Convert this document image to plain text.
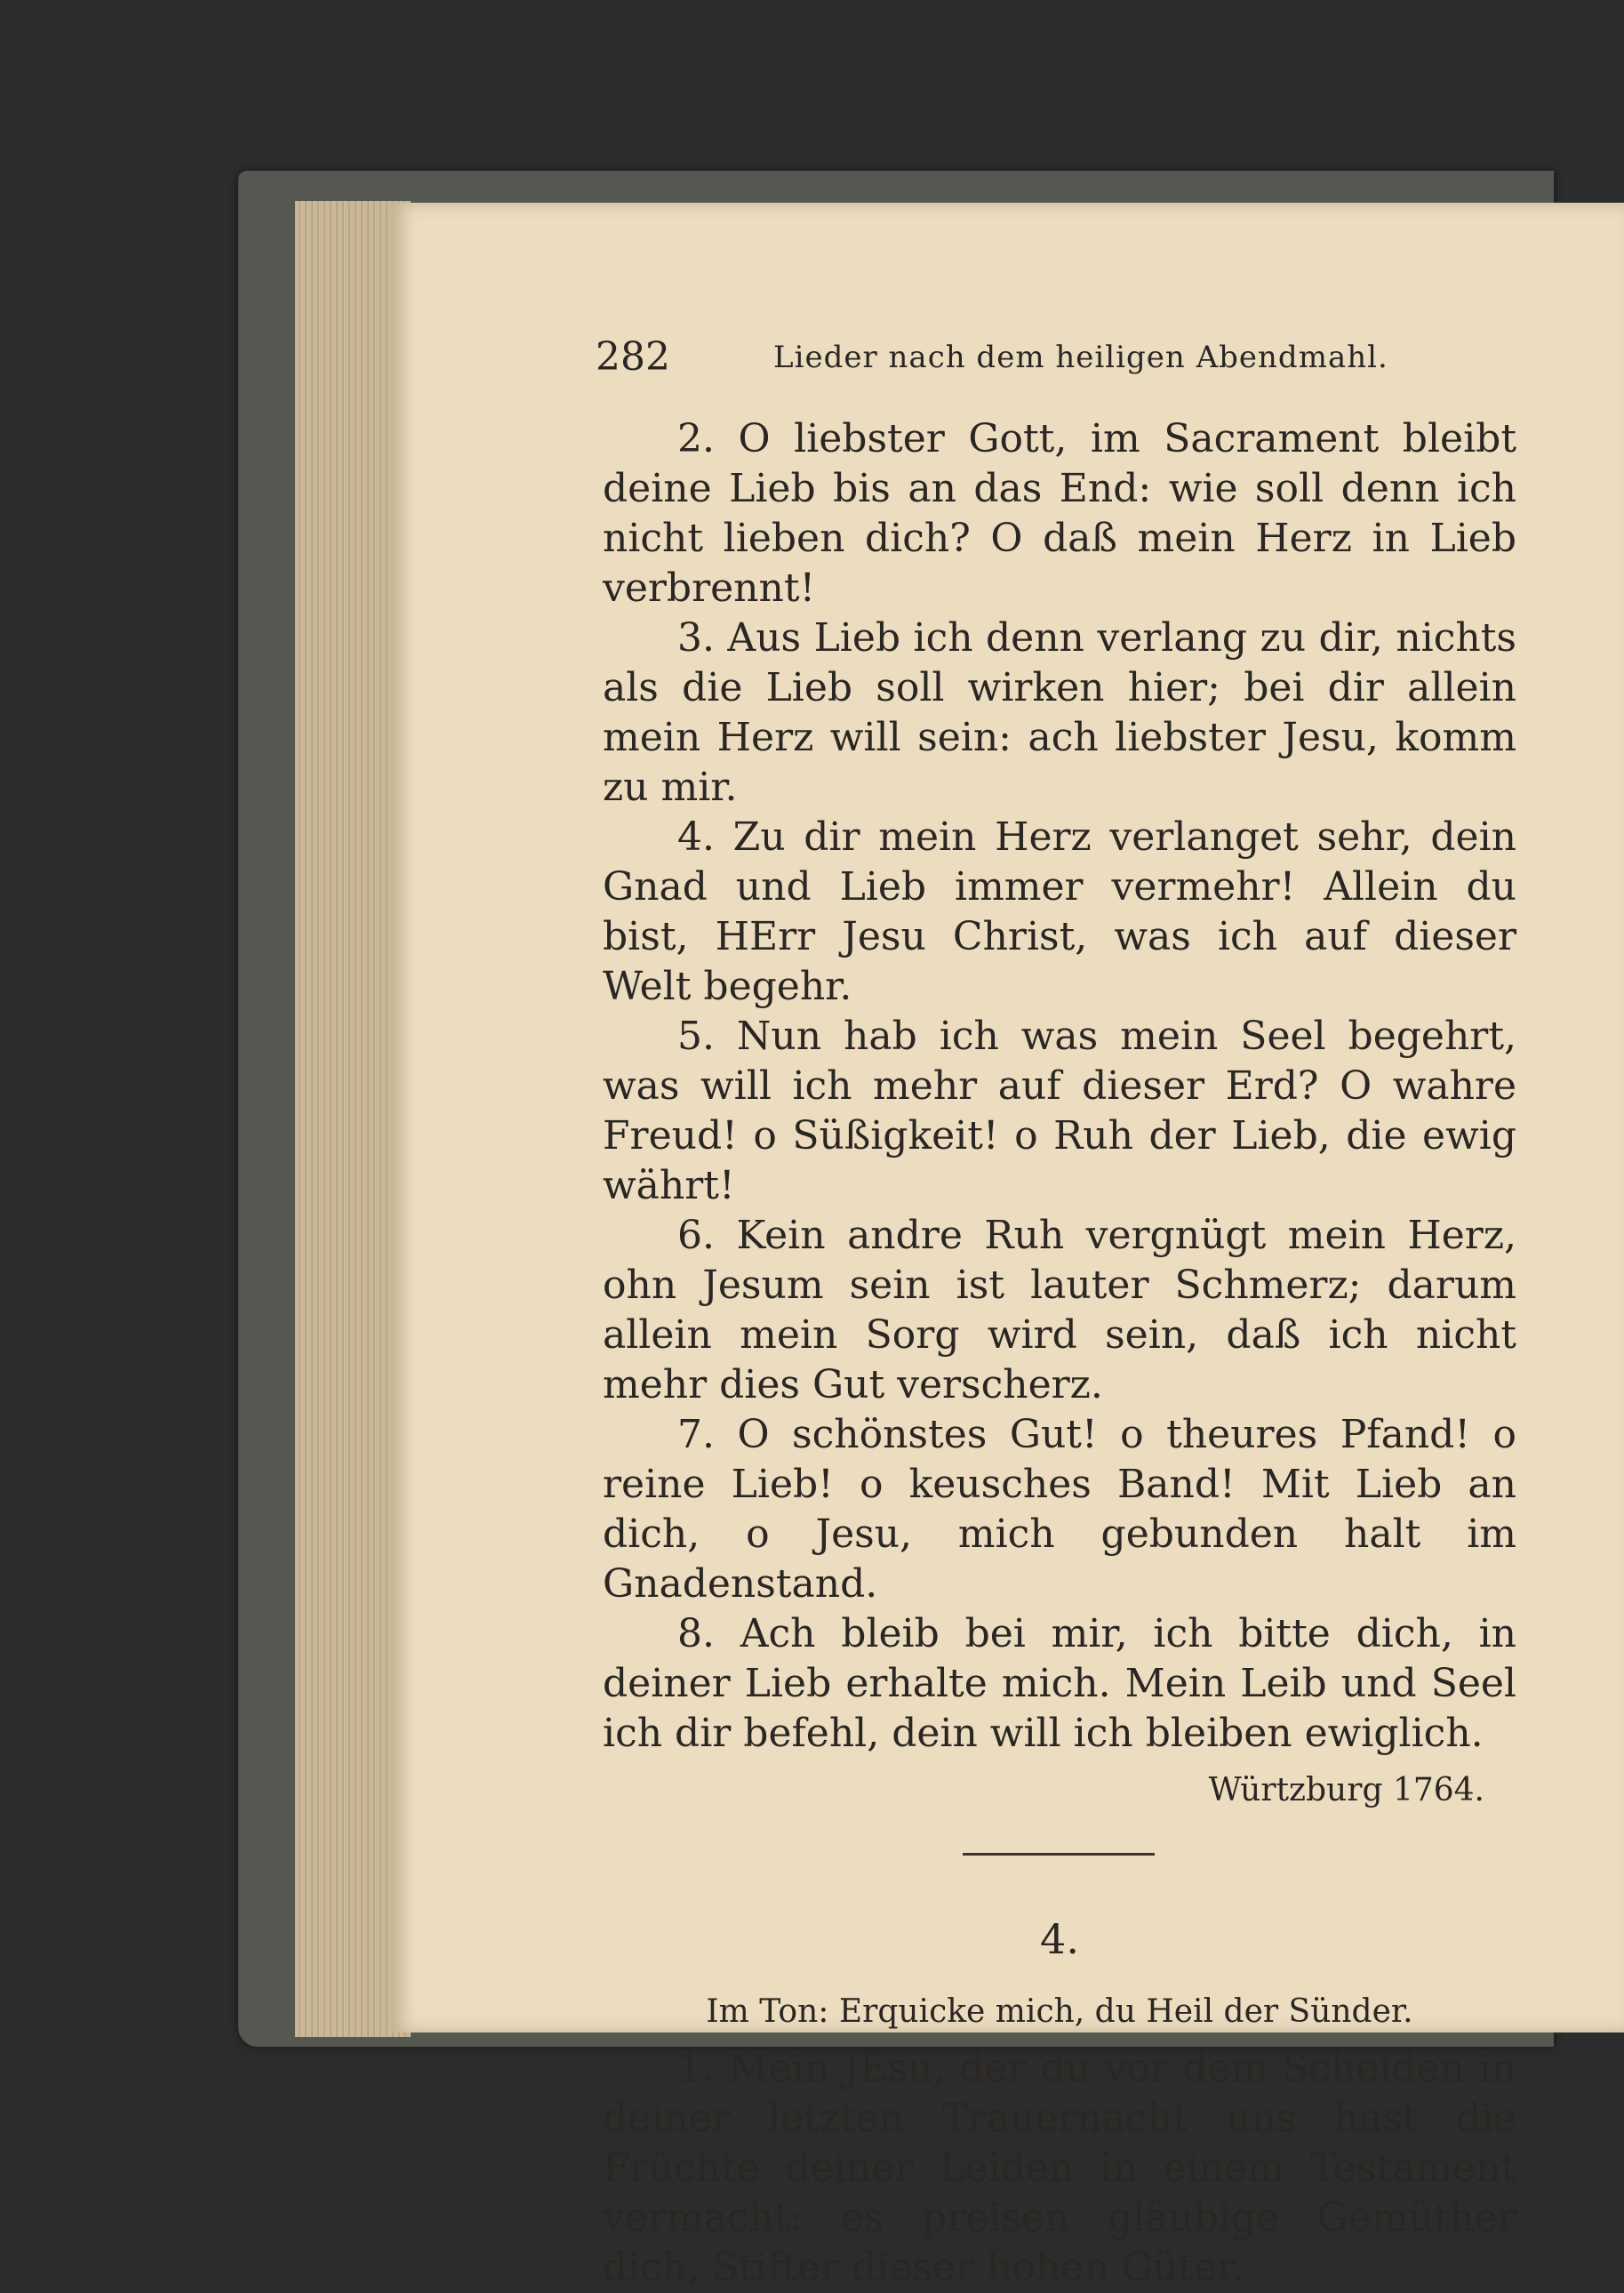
282	Lieder nach dem heiligen Abendmahl.

2. O liebster Gott, im Sacrament bleibt deine Lieb bis an das End: wie soll denn ich nicht lieben dich? O daß mein Herz in Lieb verbrennt!

3. Aus Lieb ich denn verlang zu dir, nichts als die Lieb soll wirken hier; bei dir allein mein Herz will sein: ach liebster Jesu, komm zu mir.

4. Zu dir mein Herz verlanget sehr, dein Gnad und Lieb immer vermehr! Allein du bist, HErr Jesu Christ, was ich auf dieser Welt begehr.

5. Nun hab ich was mein Seel begehrt, was will ich mehr auf dieser Erd? O wahre Freud! o Süßigkeit! o Ruh der Lieb, die ewig währt!

6. Kein andre Ruh vergnügt mein Herz, ohn Jesum sein ist lauter Schmerz; darum allein mein Sorg wird sein, daß ich nicht mehr dies Gut verscherz.

7. O schönstes Gut! o theures Pfand! o reine Lieb! o keusches Band! Mit Lieb an dich, o Jesu, mich gebunden halt im Gnadenstand.

8. Ach bleib bei mir, ich bitte dich, in deiner Lieb erhalte mich. Mein Leib und Seel ich dir befehl, dein will ich bleiben ewiglich.

Würtzburg 1764.
4.
Im Ton: Erquicke mich, du Heil der Sünder.

1. Mein JEsu, der du vor dem Scheiden in deiner letzten Trauernacht uns hast die Früchte deiner Leiden in einem Testament vermacht: es preisen gläubige Gemüther dich, Stifter dieser hohen Güter.
